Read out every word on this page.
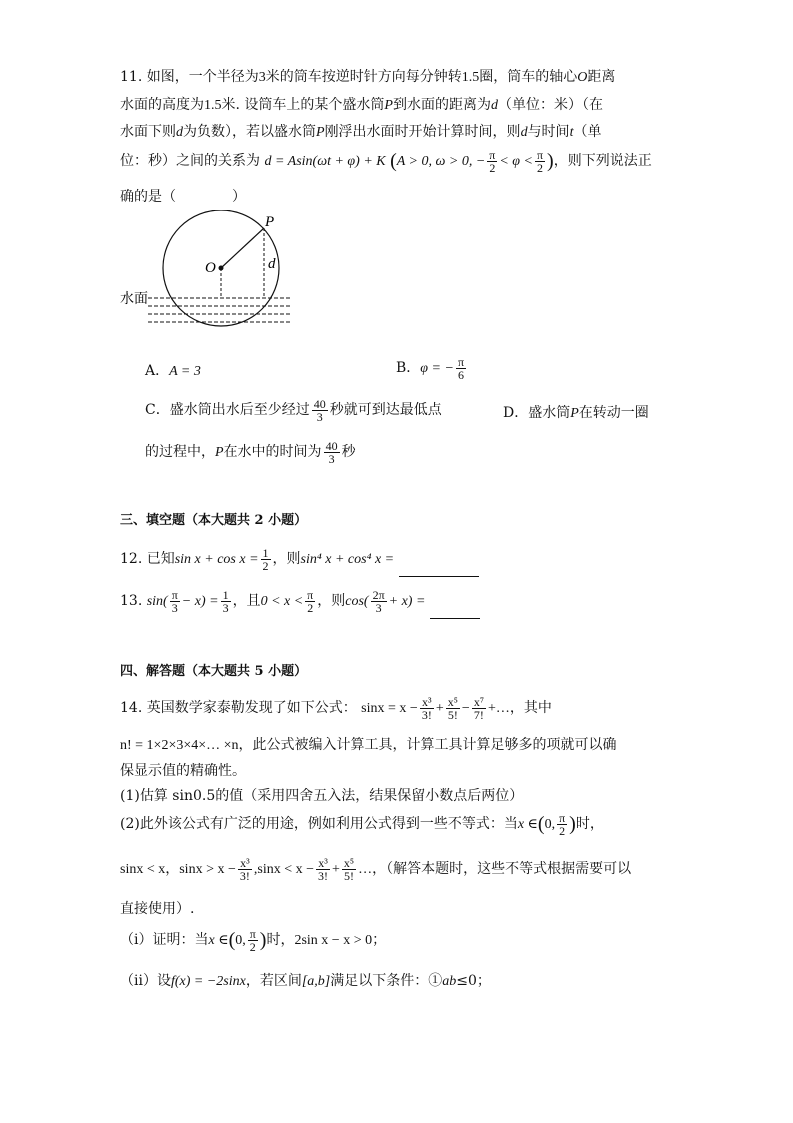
11. 如图，一个半径为3米的筒车按逆时针方向每分钟转1.5圈，筒车的轴心O距离
水面的高度为1.5米. 设筒车上的某个盛水筒P到水面的距离为d（单位：米）（在
水面下则d为负数），若以盛水筒P刚浮出水面时开始计算时间，则d与时间t（单
位：秒）之间的关系为 d = Asin(ωt + φ) + K (A > 0, ω > 0, − $\frac{\pi}{2} < \varphi < \frac{\pi}{2}$ )，则下列说法正
确的是（　　　　）
P
O	d
水面
A．A = 3	B．φ = − $\frac{\pi}{6}$
C．盛水筒出水后至少经过 $\frac{40}{3}$ 秒就可到达最低点	D．盛水筒P在转动一圈
的过程中，P在水中的时间为 $\frac{40}{3}$ 秒
三、填空题（本大题共 2 小题）
12. 已知$\sin x + \cos x = \frac{1}{2}$ ，则sin⁴ x + cos⁴ x =
13. $\sin( \frac{\pi}{3} - x) = \frac{1}{3}$ ，且$0 < x < \frac{\pi}{2}$ ，则$\cos( \frac{2\pi}{3} + x)$ =
四、解答题（本大题共 5 小题）
14. 英国数学家泰勒发现了如下公式： $\sin x = x - \frac{\text{x³}}{3!} + \frac{\text{x⁵}}{5!} - \frac{\text{x⁷}}{7!}$ +…，其中
n! = 1×2×3×4×… ×n，此公式被编入计算工具，计算工具计算足够多的项就可以确
保显示值的精确性。
(1)估算 sin0.5的值（采用四舍五入法，结果保留小数点后两位）
(2)此外该公式有广泛的用途，例如利用公式得到一些不等式：当x ∈(0, $\frac{\pi}{2}$ )时，
sinx < x，$\sin x > x - \frac{\text{x³}}{3!} ,\sin x < x - \frac{\text{x³}}{3!} + \frac{\text{x⁵}}{5!}$ …，（解答本题时，这些不等式根据需要可以
直接使用）.
（ⅰ）证明：当x ∈(0, $\frac{\pi}{2}$ )时，2sin x − x > 0；
（ⅱ）设f(x) = −2sinx，若区间[a,b]满足以下条件：①ab≤0；
